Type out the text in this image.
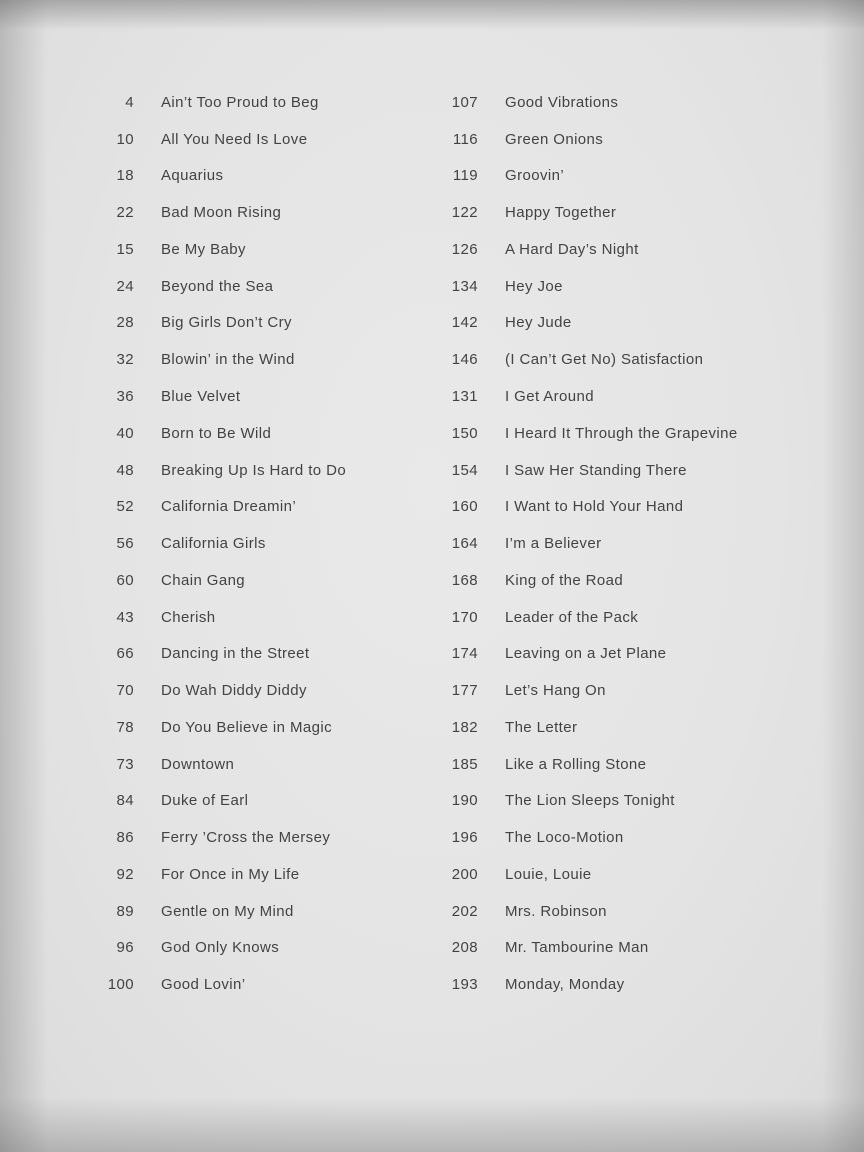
4 Ain’t Too Proud to Beg
10 All You Need Is Love
18 Aquarius
22 Bad Moon Rising
15 Be My Baby
24 Beyond the Sea
28 Big Girls Don’t Cry
32 Blowin’ in the Wind
36 Blue Velvet
40 Born to Be Wild
48 Breaking Up Is Hard to Do
52 California Dreamin’
56 California Girls
60 Chain Gang
43 Cherish
66 Dancing in the Street
70 Do Wah Diddy Diddy
78 Do You Believe in Magic
73 Downtown
84 Duke of Earl
86 Ferry ’Cross the Mersey
92 For Once in My Life
89 Gentle on My Mind
96 God Only Knows
100 Good Lovin’
107 Good Vibrations
116 Green Onions
119 Groovin’
122 Happy Together
126 A Hard Day’s Night
134 Hey Joe
142 Hey Jude
146 (I Can’t Get No) Satisfaction
131 I Get Around
150 I Heard It Through the Grapevine
154 I Saw Her Standing There
160 I Want to Hold Your Hand
164 I’m a Believer
168 King of the Road
170 Leader of the Pack
174 Leaving on a Jet Plane
177 Let’s Hang On
182 The Letter
185 Like a Rolling Stone
190 The Lion Sleeps Tonight
196 The Loco-Motion
200 Louie, Louie
202 Mrs. Robinson
208 Mr. Tambourine Man
193 Monday, Monday
